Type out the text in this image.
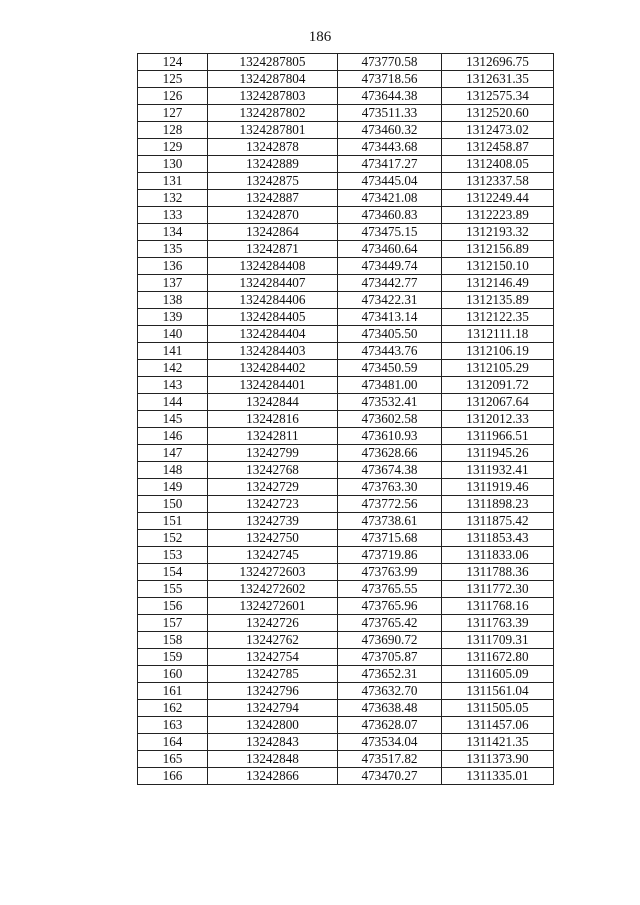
186
124	1324287805	473770.58	1312696.75
125	1324287804	473718.56	1312631.35
126	1324287803	473644.38	1312575.34
127	1324287802	473511.33	1312520.60
128	1324287801	473460.32	1312473.02
129	13242878	473443.68	1312458.87
130	13242889	473417.27	1312408.05
131	13242875	473445.04	1312337.58
132	13242887	473421.08	1312249.44
133	13242870	473460.83	1312223.89
134	13242864	473475.15	1312193.32
135	13242871	473460.64	1312156.89
136	1324284408	473449.74	1312150.10
137	1324284407	473442.77	1312146.49
138	1324284406	473422.31	1312135.89
139	1324284405	473413.14	1312122.35
140	1324284404	473405.50	1312111.18
141	1324284403	473443.76	1312106.19
142	1324284402	473450.59	1312105.29
143	1324284401	473481.00	1312091.72
144	13242844	473532.41	1312067.64
145	13242816	473602.58	1312012.33
146	13242811	473610.93	1311966.51
147	13242799	473628.66	1311945.26
148	13242768	473674.38	1311932.41
149	13242729	473763.30	1311919.46
150	13242723	473772.56	1311898.23
151	13242739	473738.61	1311875.42
152	13242750	473715.68	1311853.43
153	13242745	473719.86	1311833.06
154	1324272603	473763.99	1311788.36
155	1324272602	473765.55	1311772.30
156	1324272601	473765.96	1311768.16
157	13242726	473765.42	1311763.39
158	13242762	473690.72	1311709.31
159	13242754	473705.87	1311672.80
160	13242785	473652.31	1311605.09
161	13242796	473632.70	1311561.04
162	13242794	473638.48	1311505.05
163	13242800	473628.07	1311457.06
164	13242843	473534.04	1311421.35
165	13242848	473517.82	1311373.90
166	13242866	473470.27	1311335.01
